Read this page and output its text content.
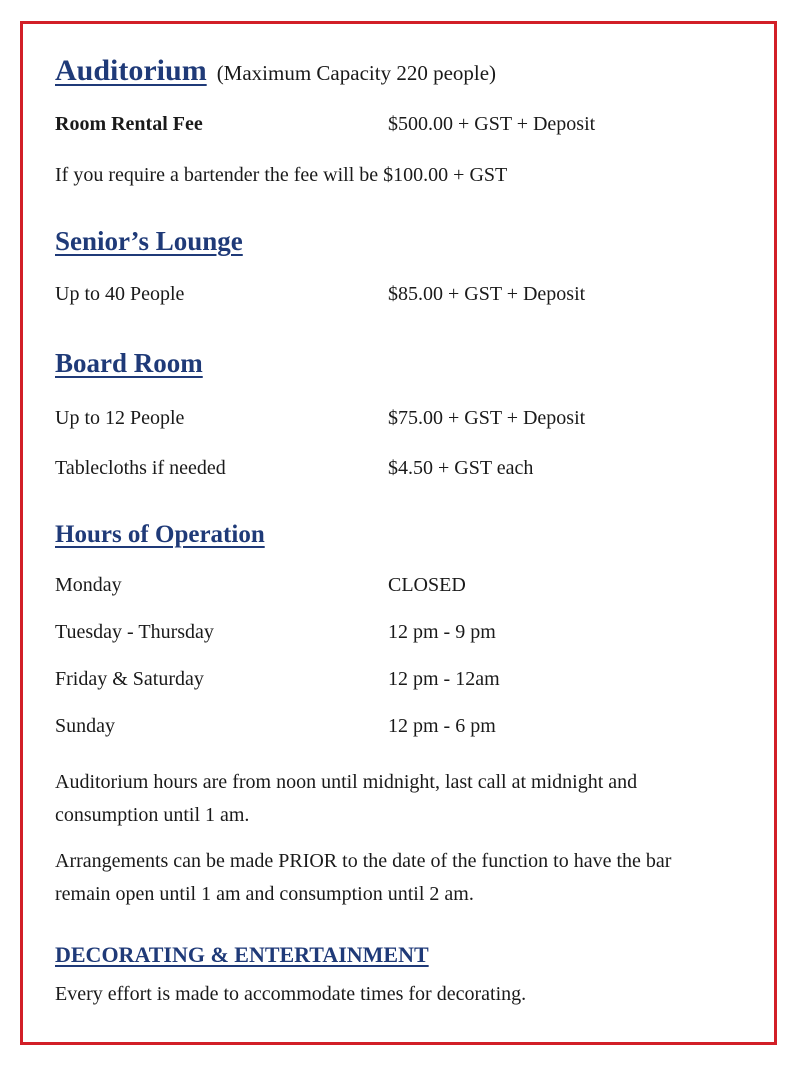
Auditorium (Maximum Capacity 220 people)
Room Rental Fee	$500.00 + GST + Deposit
If you require a bartender the fee will be $100.00 + GST
Senior’s Lounge
Up to 40 People	$85.00 + GST + Deposit
Board Room
Up to 12 People	$75.00 + GST + Deposit
Tablecloths if needed	$4.50 + GST each
Hours of Operation
Monday	CLOSED
Tuesday - Thursday	12 pm - 9 pm
Friday & Saturday	12 pm - 12am
Sunday	12 pm - 6 pm
Auditorium hours are from noon until midnight, last call at midnight and consumption until 1 am.
Arrangements can be made PRIOR to the date of the function to have the bar remain open until 1 am and consumption until 2 am.
DECORATING & ENTERTAINMENT
Every effort is made to accommodate times for decorating.
